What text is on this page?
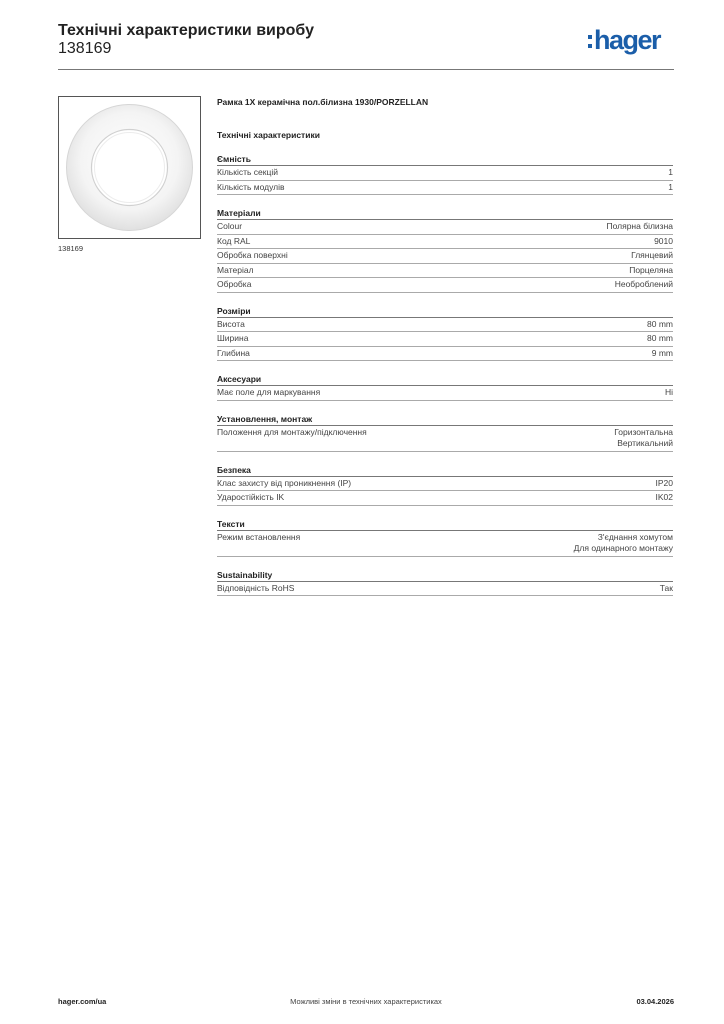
Технічні характеристики виробу
138169	hager
138169
Рамка 1Х керамічна пол.білизна 1930/PORZELLAN
Технічні характеристики
Ємність
Кількість секцій	1
Кількість модулів	1
Матеріали
Colour	Полярна білизна
Код RAL	9010
Обробка поверхні	Глянцевий
Матеріал	Порцеляна
Обробка	Необроблений
Розміри
Висота	80 mm
Ширина	80 mm
Глибина	9 mm
Аксесуари
Має поле для маркування	Ні
Установлення, монтаж
Положення для монтажу/підключення	Горизонтальна
Вертикальний
Безпека
Клас захисту від проникнення (IP)	IP20
Ударостійкість IK	IK02
Тексти
Режим встановлення	З'єднання хомутом
Для одинарного монтажу
Sustainability
Відповідність RoHS	Так
Можливі зміни в технічних характеристиках
hager.com/ua	03.04.2026
